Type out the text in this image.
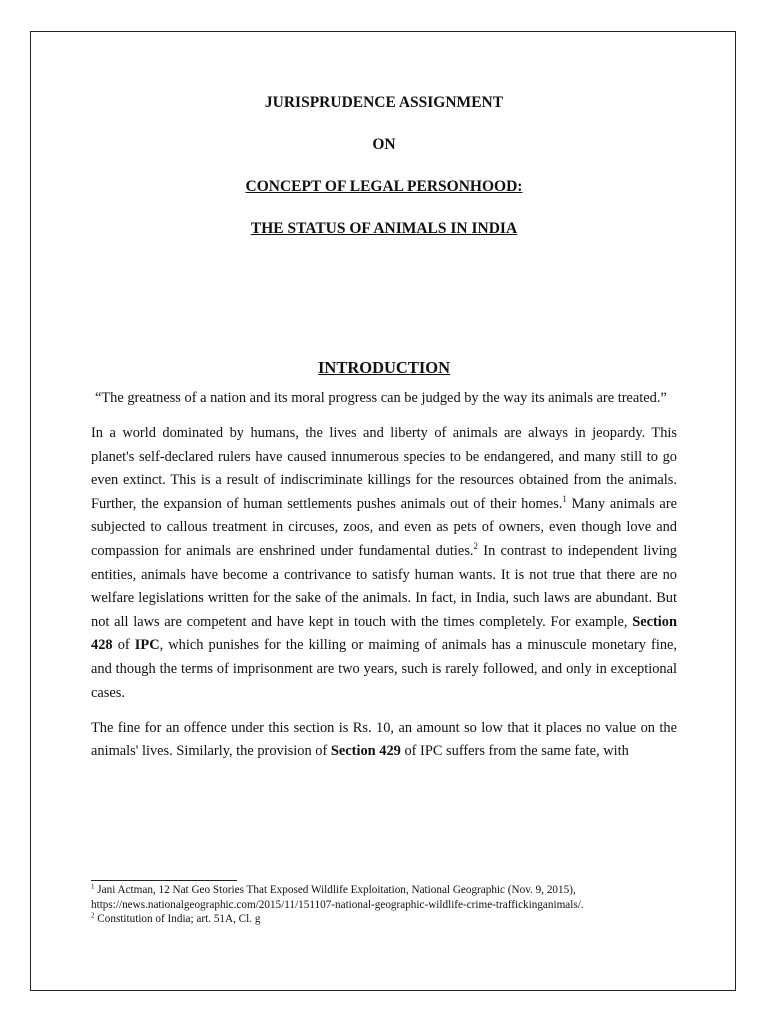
JURISPRUDENCE ASSIGNMENT
ON
CONCEPT OF LEGAL PERSONHOOD:
THE STATUS OF ANIMALS IN INDIA
INTRODUCTION

“The greatness of a nation and its moral progress can be judged by the way its animals are treated.”

In a world dominated by humans, the lives and liberty of animals are always in jeopardy. This planet's self-declared rulers have caused innumerous species to be endangered, and many still to go even extinct. This is a result of indiscriminate killings for the resources obtained from the animals. Further, the expansion of human settlements pushes animals out of their homes.$^1$ Many animals are subjected to callous treatment in circuses, zoos, and even as pets of owners, even though love and compassion for animals are enshrined under fundamental duties.$^2$ In contrast to independent living entities, animals have become a contrivance to satisfy human wants. It is not true that there are no welfare legislations written for the sake of the animals. In fact, in India, such laws are abundant. But not all laws are competent and have kept in touch with the times completely. For example, Section 428 of IPC, which punishes for the killing or maiming of animals has a minuscule monetary fine, and though the terms of imprisonment are two years, such is rarely followed, and only in exceptional cases.

The fine for an offence under this section is Rs. 10, an amount so low that it places no value on the animals' lives. Similarly, the provision of Section 429 of IPC suffers from the same fate, with

$^1$ Jani Actman, 12 Nat Geo Stories That Exposed Wildlife Exploitation, National Geographic (Nov. 9, 2015),
https://news.nationalgeographic.com/2015/11/151107-national-geographic-wildlife-crime-traffickinganimals/.
$^2$ Constitution of India; art. 51A, Cl. g
